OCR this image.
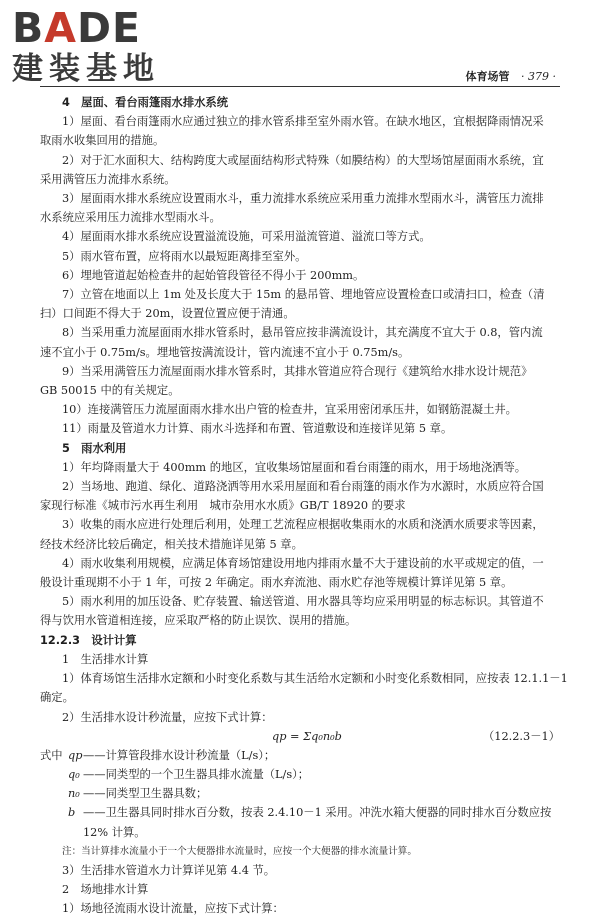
BADE
建装基地	体育场管 · 379 ·
4　屋面、看台雨篷雨水排水系统
1）屋面、看台雨篷雨水应通过独立的排水管系排至室外雨水管。在缺水地区，宜根据降雨情况采
取雨水收集回用的措施。
2）对于汇水面积大、结构跨度大或屋面结构形式特殊（如膜结构）的大型场馆屋面雨水系统，宜
采用满管压力流排水系统。
3）屋面雨水排水系统应设置雨水斗，重力流排水系统应采用重力流排水型雨水斗，满管压力流排
水系统应采用压力流排水型雨水斗。
4）屋面雨水排水系统应设置溢流设施，可采用溢流管道、溢流口等方式。
5）雨水管布置，应将雨水以最短距离排至室外。
6）埋地管道起始检查井的起始管段管径不得小于 200mm。
7）立管在地面以上 1m 处及长度大于 15m 的悬吊管、埋地管应设置检查口或清扫口，检查（清
扫）口间距不得大于 20m，设置位置应便于清通。
8）当采用重力流屋面雨水排水管系时，悬吊管应按非满流设计，其充满度不宜大于 0.8，管内流
速不宜小于 0.75m/s。埋地管按满流设计，管内流速不宜小于 0.75m/s。
9）当采用满管压力流屋面雨水排水管系时，其排水管道应符合现行《建筑给水排水设计规范》
GB 50015 中的有关规定。
10）连接满管压力流屋面雨水排水出户管的检查井，宜采用密闭承压井，如钢筋混凝土井。
11）雨量及管道水力计算、雨水斗选择和布置、管道敷设和连接详见第 5 章。
5　雨水利用
1）年均降雨量大于 400mm 的地区，宜收集场馆屋面和看台雨篷的雨水，用于场地浇洒等。
2）当场地、跑道、绿化、道路浇洒等用水采用屋面和看台雨篷的雨水作为水源时，水质应符合国
家现行标准《城市污水再生利用　城市杂用水水质》GB/T 18920 的要求
3）收集的雨水应进行处理后利用，处理工艺流程应根据收集雨水的水质和浇洒水质要求等因素，
经技术经济比较后确定，相关技术措施详见第 5 章。
4）雨水收集利用规模，应满足体育场馆建设用地内排雨水量不大于建设前的水平或规定的值，一
般设计重现期不小于 1 年，可按 2 年确定。雨水弃流池、雨水贮存池等规模计算详见第 5 章。
5）雨水利用的加压设备、贮存装置、输送管道、用水器具等均应采用明显的标志标识。其管道不
得与饮用水管道相连接，应采取严格的防止误饮、误用的措施。
12.2.3　设计计算
1　生活排水计算
1）体育场馆生活排水定额和小时变化系数与其生活给水定额和小时变化系数相同，应按表 12.1.1－1
确定。
2）生活排水设计秒流量，应按下式计算：
qp = Σq₀n₀b	（12.2.3－1）
式中 qp——计算管段排水设计秒流量（L/s）；
q₀ ——同类型的一个卫生器具排水流量（L/s）；
n₀ ——同类型卫生器具数；
b ——卫生器具同时排水百分数，按表 2.4.10－1 采用。冲洗水箱大便器的同时排水百分数应按
12% 计算。
注：当计算排水流量小于一个大便器排水流量时，应按一个大便器的排水流量计算。
3）生活排水管道水力计算详见第 4.4 节。
2　场地排水计算
1）场地径流雨水设计流量，应按下式计算：
